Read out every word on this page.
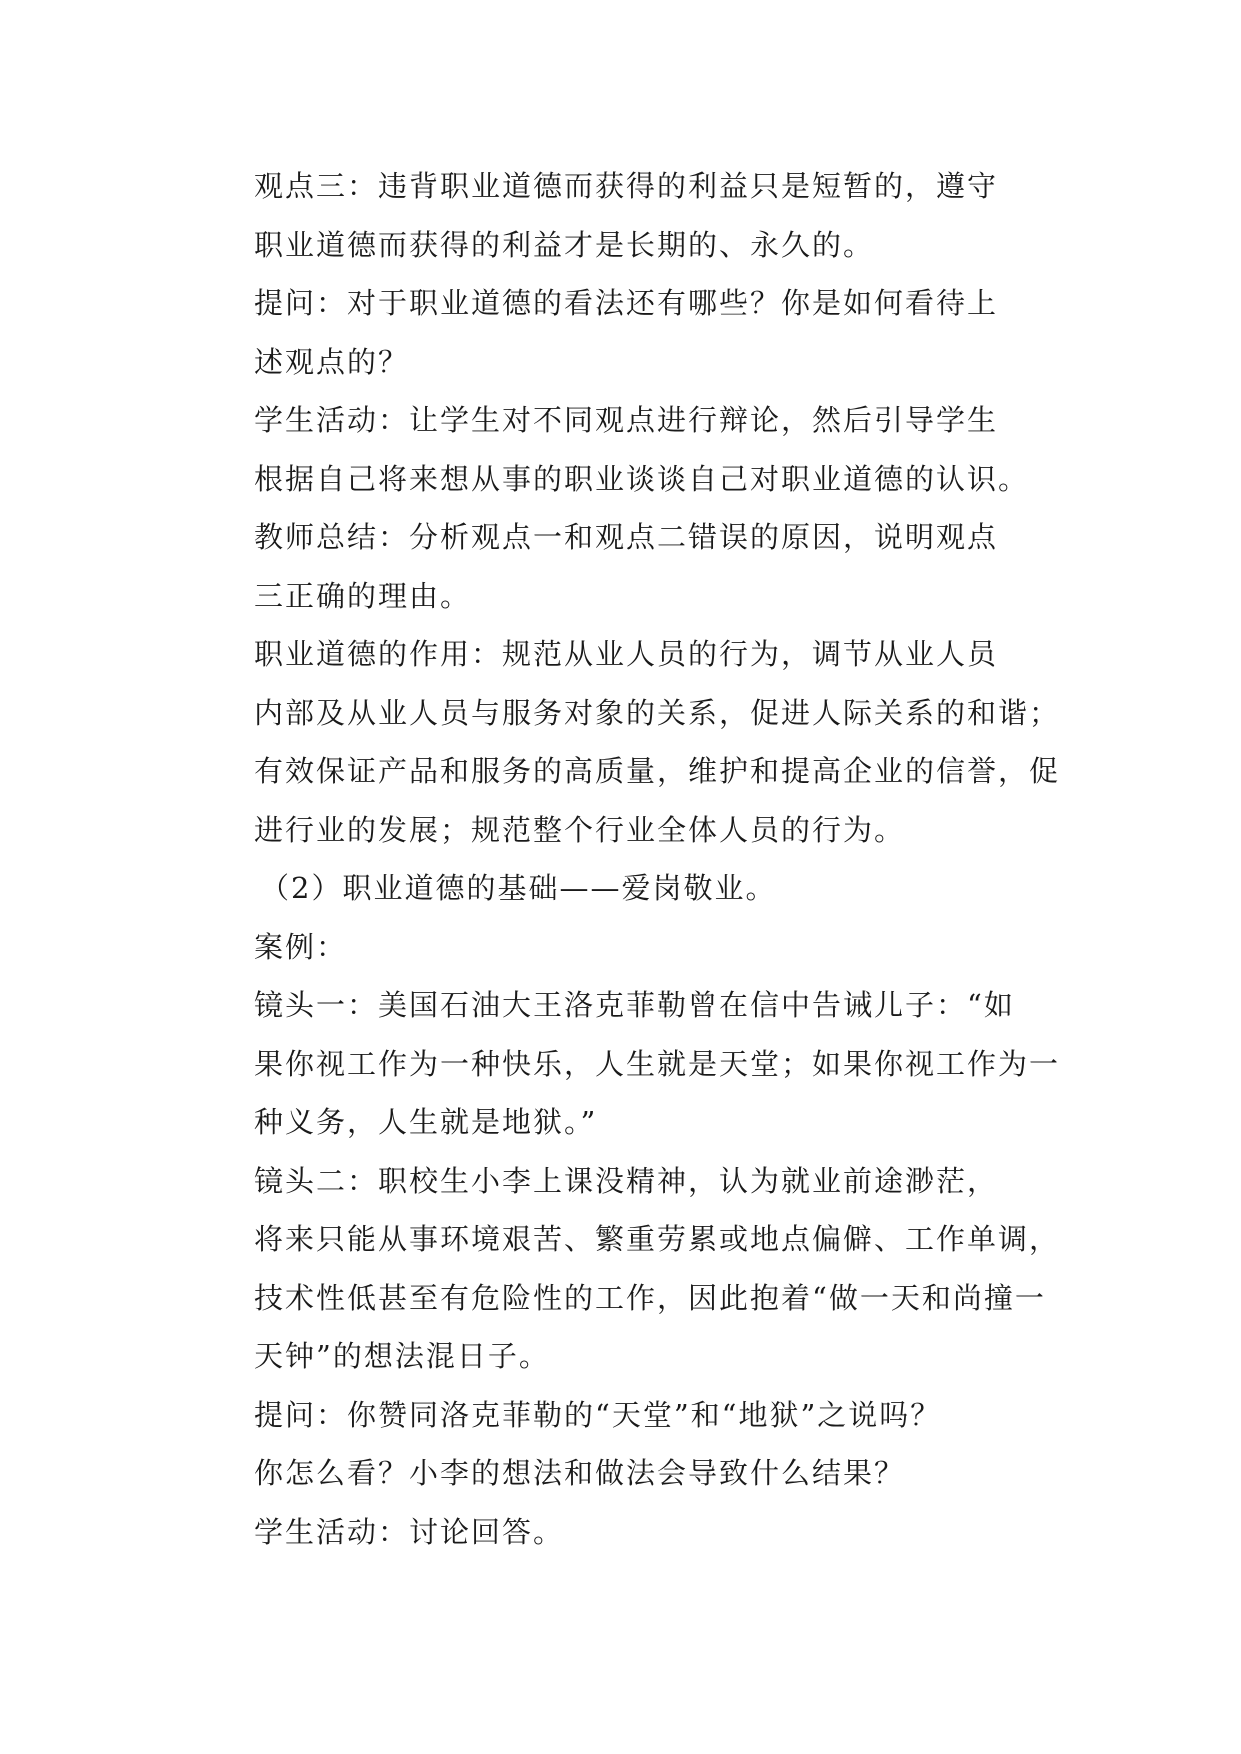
观点三：违背职业道德而获得的利益只是短暂的，遵守
职业道德而获得的利益才是长期的、永久的。

提问：对于职业道德的看法还有哪些？你是如何看待上
述观点的？

学生活动：让学生对不同观点进行辩论，然后引导学生
根据自己将来想从事的职业谈谈自己对职业道德的认识。

教师总结：分析观点一和观点二错误的原因，说明观点
三正确的理由。

职业道德的作用：规范从业人员的行为，调节从业人员
内部及从业人员与服务对象的关系，促进人际关系的和谐；
有效保证产品和服务的高质量，维护和提高企业的信誉，促
进行业的发展；规范整个行业全体人员的行为。

（2）职业道德的基础——爱岗敬业。

案例：

镜头一：美国石油大王洛克菲勒曾在信中告诫儿子：“如
果你视工作为一种快乐，人生就是天堂；如果你视工作为一
种义务，人生就是地狱。”

镜头二：职校生小李上课没精神，认为就业前途渺茫，
将来只能从事环境艰苦、繁重劳累或地点偏僻、工作单调，
技术性低甚至有危险性的工作，因此抱着“做一天和尚撞一
天钟”的想法混日子。

提问：你赞同洛克菲勒的“天堂”和“地狱”之说吗？
你怎么看？小李的想法和做法会导致什么结果？

学生活动：讨论回答。
